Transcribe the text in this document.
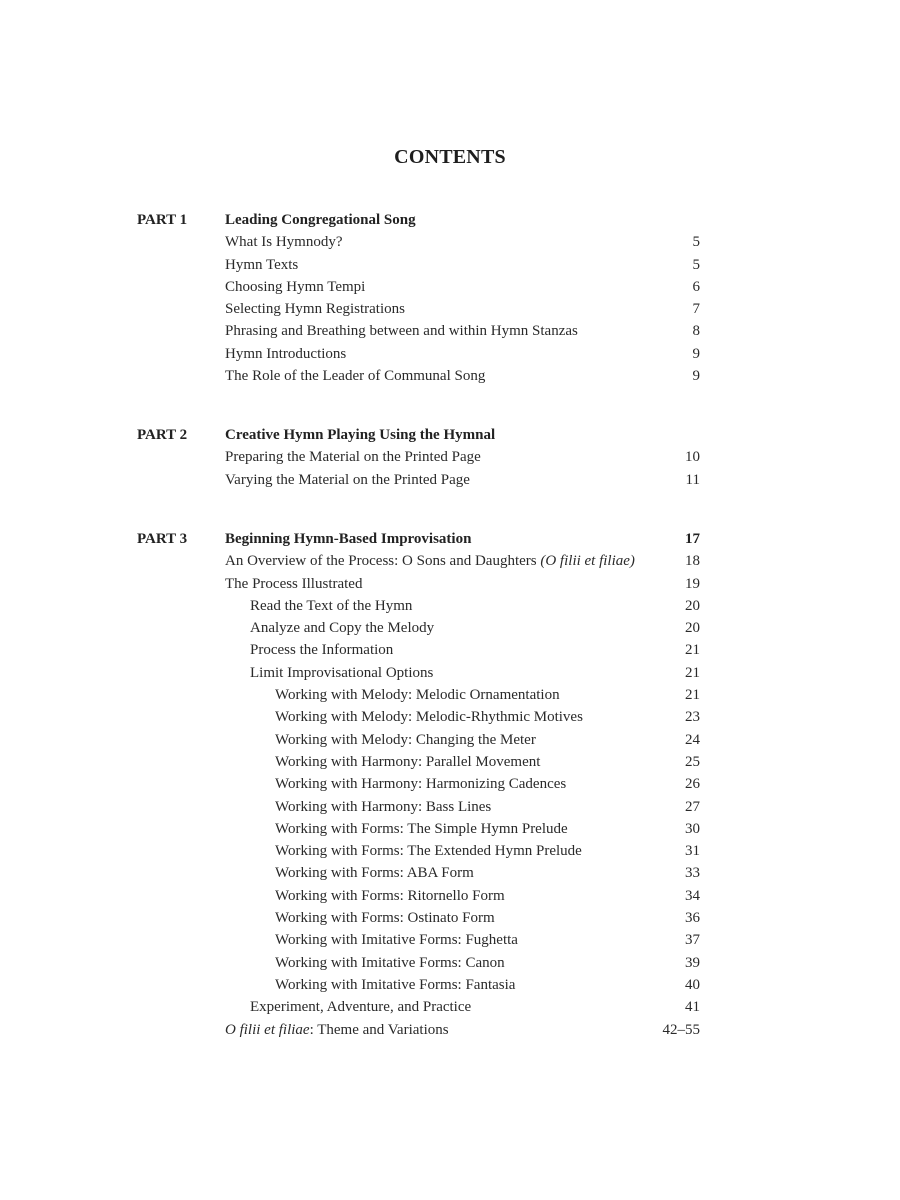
CONTENTS
PART 1	Leading Congregational Song
What Is Hymnody?	5
Hymn Texts	5
Choosing Hymn Tempi	6
Selecting Hymn Registrations	7
Phrasing and Breathing between and within Hymn Stanzas	8
Hymn Introductions	9
The Role of the Leader of Communal Song	9
PART 2	Creative Hymn Playing Using the Hymnal
Preparing the Material on the Printed Page	10
Varying the Material on the Printed Page	11
PART 3	Beginning Hymn-Based Improvisation	17
An Overview of the Process: O Sons and Daughters (O filii et filiae)	18
The Process Illustrated	19
Read the Text of the Hymn	20
Analyze and Copy the Melody	20
Process the Information	21
Limit Improvisational Options	21
Working with Melody: Melodic Ornamentation	21
Working with Melody: Melodic-Rhythmic Motives	23
Working with Melody: Changing the Meter	24
Working with Harmony: Parallel Movement	25
Working with Harmony: Harmonizing Cadences	26
Working with Harmony: Bass Lines	27
Working with Forms: The Simple Hymn Prelude	30
Working with Forms: The Extended Hymn Prelude	31
Working with Forms: ABA Form	33
Working with Forms: Ritornello Form	34
Working with Forms: Ostinato Form	36
Working with Imitative Forms: Fughetta	37
Working with Imitative Forms: Canon	39
Working with Imitative Forms: Fantasia	40
Experiment, Adventure, and Practice	41
O filii et filiae: Theme and Variations	42–55
